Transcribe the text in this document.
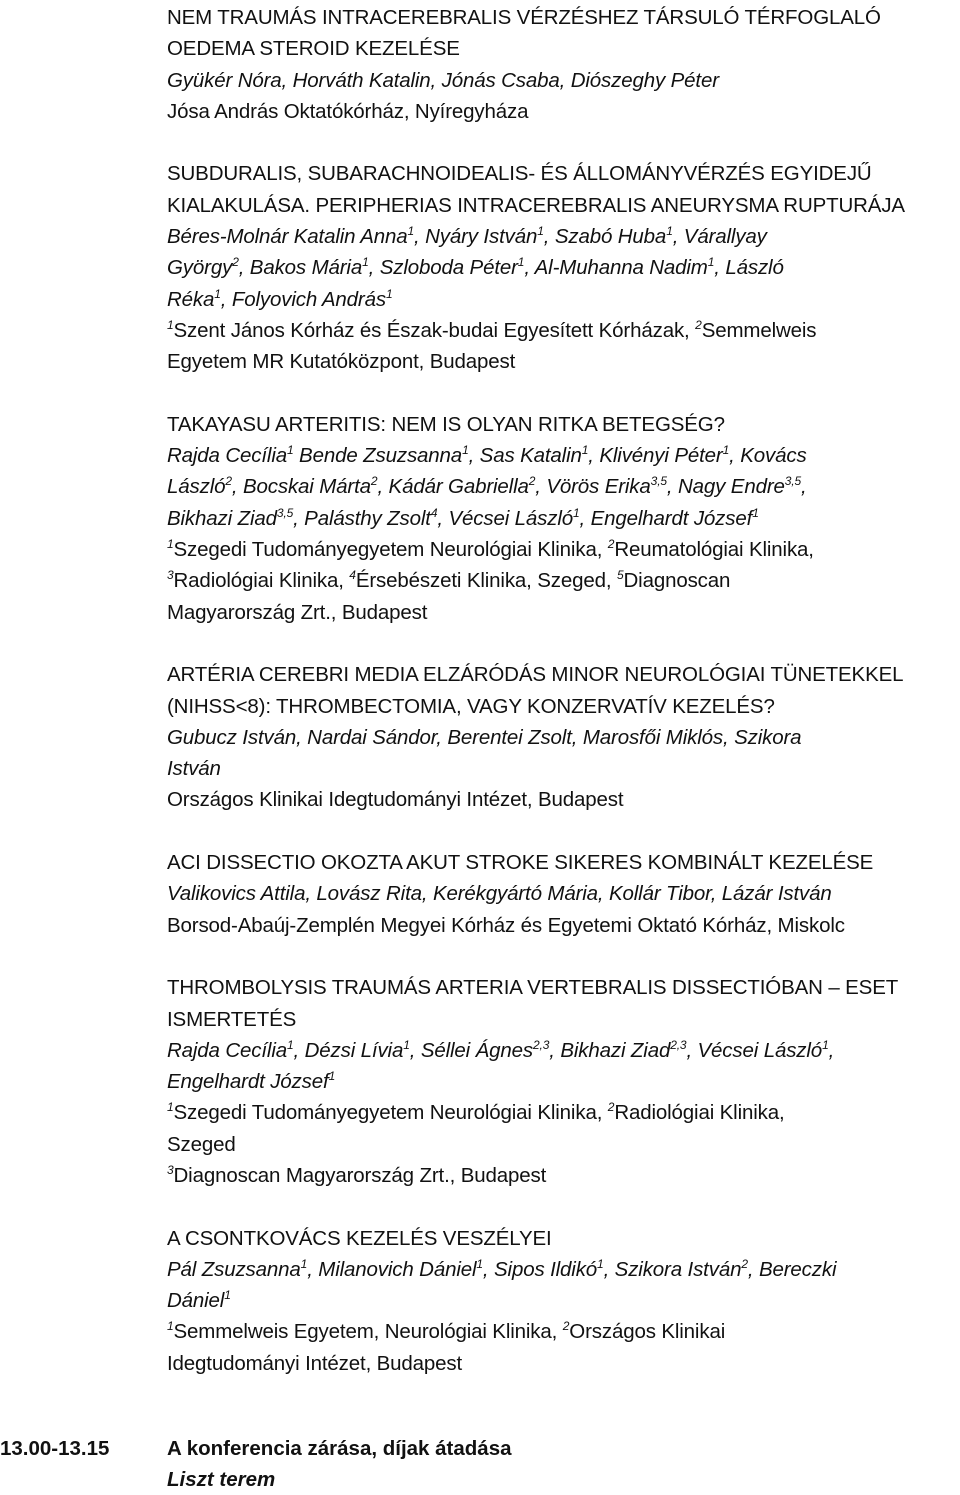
NEM TRAUMÁS INTRACEREBRALIS VÉRZÉSHEZ TÁRSULÓ TÉRFOGLALÓ
OEDEMA STEROID KEZELÉSE
Gyükér Nóra, Horváth Katalin, Jónás Csaba, Diószeghy Péter
Jósa András Oktatókórház, Nyíregyháza
SUBDURALIS, SUBARACHNOIDEALIS- ÉS ÁLLOMÁNYVÉRZÉS EGYIDEJŰ
KIALAKULÁSA. PERIPHERIAS INTRACEREBRALIS ANEURYSMA RUPTURÁJA
Béres-Molnár Katalin Anna$^1$, Nyáry István$^1$, Szabó Huba$^1$, Várallyay
György$^2$, Bakos Mária$^1$, Szloboda Péter$^1$, Al-Muhanna Nadim$^1$, László
Réka$^1$, Folyovich András$^1$
$^1$Szent János Kórház és Észak-budai Egyesített Kórházak, $^2$Semmelweis
Egyetem MR Kutatóközpont, Budapest
TAKAYASU ARTERITIS: NEM IS OLYAN RITKA BETEGSÉG?
Rajda Cecília$^1$ Bende Zsuzsanna$^1$, Sas Katalin$^1$, Klivényi Péter$^1$, Kovács
László$^2$, Bocskai Márta$^2$, Kádár Gabriella$^2$, Vörös Erika$^{3,5}$, Nagy Endre$^{3,5}$,
Bikhazi Ziad$^{3,5}$, Palásthy Zsolt$^4$, Vécsei László$^1$, Engelhardt József$^1$
$^1$Szegedi Tudományegyetem Neurológiai Klinika, $^2$Reumatológiai Klinika,
$^3$Radiológiai Klinika, $^4$Érsebészeti Klinika, Szeged, $^5$Diagnoscan
Magyarország Zrt., Budapest
ARTÉRIA CEREBRI MEDIA ELZÁRÓDÁS MINOR NEUROLÓGIAI TÜNETEKKEL
(NIHSS<8): THROMBECTOMIA, VAGY KONZERVATÍV KEZELÉS?
Gubucz István, Nardai Sándor, Berentei Zsolt, Marosfői Miklós, Szikora
István
Országos Klinikai Idegtudományi Intézet, Budapest
ACI DISSECTIO OKOZTA AKUT STROKE SIKERES KOMBINÁLT KEZELÉSE
Valikovics Attila, Lovász Rita, Kerékgyártó Mária, Kollár Tibor, Lázár István
Borsod-Abaúj-Zemplén Megyei Kórház és Egyetemi Oktató Kórház, Miskolc
THROMBOLYSIS TRAUMÁS ARTERIA VERTEBRALIS DISSECTIÓBAN – ESET
ISMERTETÉS
Rajda Cecília$^1$, Dézsi Lívia$^1$, Séllei Ágnes$^{2,3}$, Bikhazi Ziad$^{2,3}$, Vécsei László$^1$,
Engelhardt József$^1$
$^1$Szegedi Tudományegyetem Neurológiai Klinika, $^2$Radiológiai Klinika,
Szeged
$^3$Diagnoscan Magyarország Zrt., Budapest
A CSONTKOVÁCS KEZELÉS VESZÉLYEI
Pál Zsuzsanna$^1$, Milanovich Dániel$^1$, Sipos Ildikó$^1$, Szikora István$^2$, Bereczki
Dániel$^1$
$^1$Semmelweis Egyetem, Neurológiai Klinika, $^2$Országos Klinikai
Idegtudományi Intézet, Budapest
13.00-13.15	A konferencia zárása, díjak átadása
Liszt terem
